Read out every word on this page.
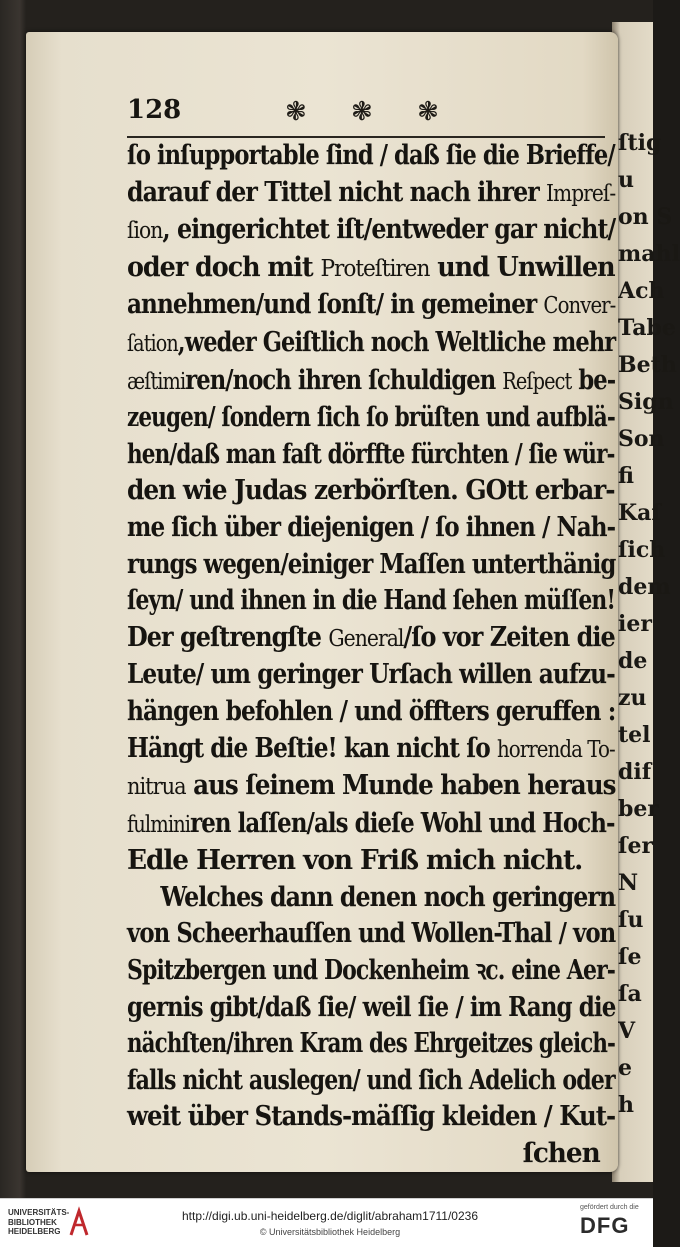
ſtig
u
on S
mahl
Ach
Tabe
Beth
Sign
Son
fi
Kaſ
ſich
dem
ier
de
zu
tel
dif
ber
ſer
N
ſu
ſe
ſa
V
e
h
128	❃ ❃ ❃
ſo inſupportable ſind / daß ſie die Brieffe/
darauf der Tittel nicht nach ihrer Impreſ-
ſion, eingerichtet iſt/entweder gar nicht/
oder doch mit Proteſtiren und Unwillen
annehmen/und ſonſt/ in gemeiner Conver-
ſation,weder Geiſtlich noch Weltliche mehr
æſtimiren/noch ihren ſchuldigen Reſpect be-
zeugen/ ſondern ſich ſo brüſten und aufblä-
hen/daß man faſt dörffte fürchten / ſie wür-
den wie Judas zerbörſten. GOtt erbar-
me ſich über diejenigen / ſo ihnen / Nah-
rungs wegen/einiger Maſſen unterthänig
ſeyn/ und ihnen in die Hand ſehen müſſen!
Der geſtrengſte General/ſo vor Zeiten die
Leute/ um geringer Urſach willen aufzu-
hängen befohlen / und öffters geruffen :
Hängt die Beſtie! kan nicht ſo horrenda To-
nitrua aus ſeinem Munde haben heraus
fulminiren laſſen/als dieſe Wohl und Hoch-
Edle Herren von Friß mich nicht.
Welches dann denen noch geringern
von Scheerhauſſen und Wollen-Thal / von
Spitzbergen und Dockenheim ꝛc. eine Aer-
gernis gibt/daß ſie/ weil ſie / im Rang die
nächſten/ihren Kram des Ehrgeitzes gleich-
falls nicht auslegen/ und ſich Adelich oder
weit über Stands-mäſſig kleiden / Kut-
ſchen
UNIVERSITÄTS-
BIBLIOTHEK
HEIDELBERG
http://digi.ub.uni-heidelberg.de/diglit/abraham1711/0236
© Universitätsbibliothek Heidelberg
gefördert durch die
DFG
